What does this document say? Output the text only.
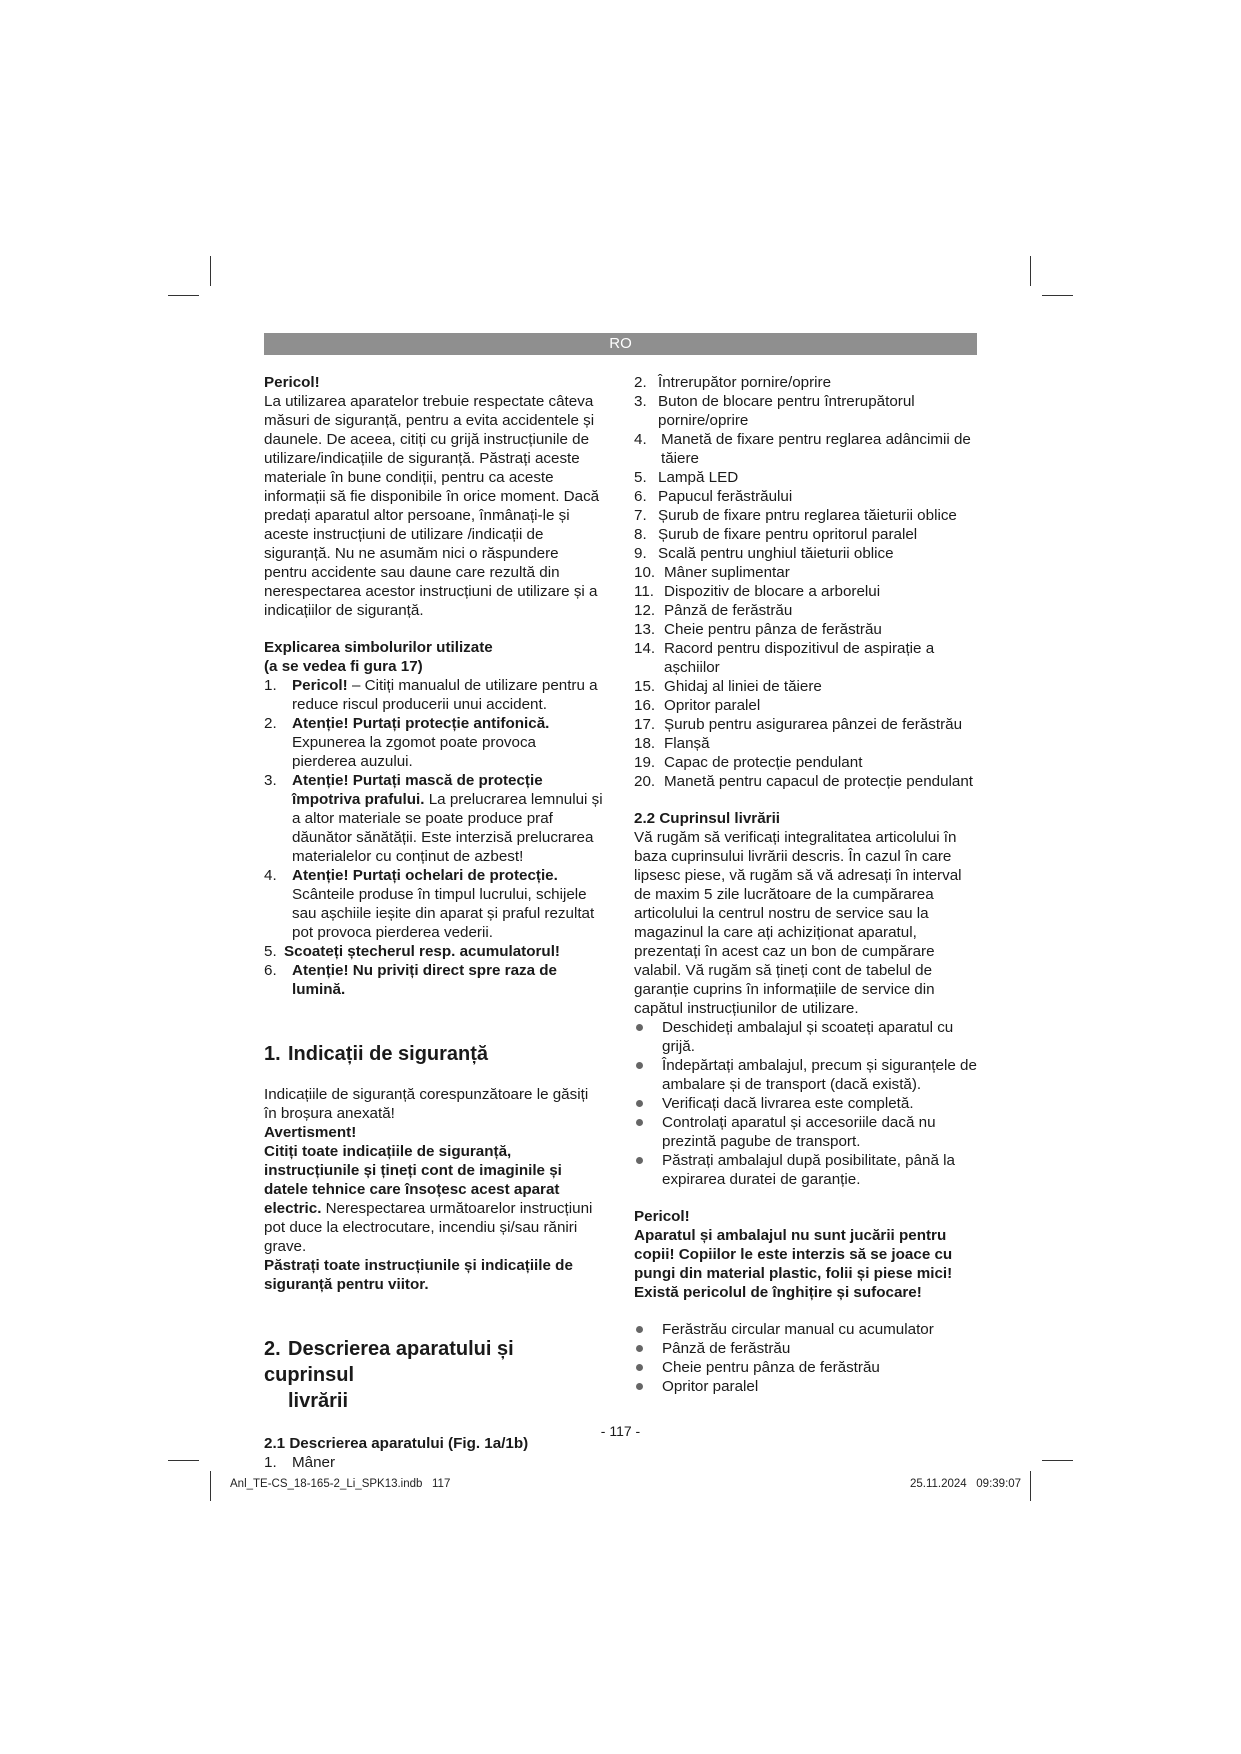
RO

Pericol!

La utilizarea aparatelor trebuie respectate câteva măsuri de siguranță, pentru a evita accidentele și daunele. De aceea, citiți cu grijă instrucțiunile de utilizare/indicațiile de siguranță. Păstrați aceste materiale în bune condiții, pentru ca aceste informații să fie disponibile în orice moment. Dacă predați aparatul altor persoane, înmânați-le și aceste instrucțiuni de utilizare /indicații de siguranță. Nu ne asumăm nici o răspundere pentru accidente sau daune care rezultă din nerespectarea acestor instrucțiuni de utilizare și a indicațiilor de siguranță.

Explicarea simbolurilor utilizate

(a se vedea fi gura 17)

1. Pericol! – Citiți manualul de utilizare pentru a reduce riscul producerii unui accident.
2. Atenție! Purtați protecție antifonică. Expunerea la zgomot poate provoca pierderea auzului.
3. Atenție! Purtați mască de protecție împotriva prafului. La prelucrarea lemnului și a altor materiale se poate produce praf dăunător sănătății. Este interzisă prelucrarea materialelor cu conținut de azbest!
4. Atenție! Purtați ochelari de protecție. Scânteile produse în timpul lucrului, schijele sau așchiile ieșite din aparat și praful rezultat pot provoca pierderea vederii.
5. Scoateți ștecherul resp. acumulatorul!
6. Atenție! Nu priviți direct spre raza de lumină.

1. Indicații de siguranță

Indicațiile de siguranță corespunzătoare le găsiți în broșura anexată!

Avertisment!

Citiți toate indicațiile de siguranță, instrucțiunile și țineți cont de imaginile și datele tehnice care însoțesc acest aparat electric. Nerespectarea următoarelor instrucțiuni pot duce la electrocutare, incendiu și/sau răniri grave.

Păstrați toate instrucțiunile și indicațiile de siguranță pentru viitor.

2. Descrierea aparatului și cuprinsul
livrării

2.1 Descrierea aparatului (Fig. 1a/1b)

1. Mâner
2. Întrerupător pornire/oprire
3. Buton de blocare pentru întrerupătorul pornire/oprire
4. Manetă de fixare pentru reglarea adâncimii de tăiere
5. Lampă LED
6. Papucul ferăstrăului
7. Șurub de fixare pntru reglarea tăieturii oblice
8. Șurub de fixare pentru opritorul paralel
9. Scală pentru unghiul tăieturii oblice
10. Mâner suplimentar
11. Dispozitiv de blocare a arborelui
12. Pânză de ferăstrău
13. Cheie pentru pânza de ferăstrău
14. Racord pentru dispozitivul de aspirație a așchiilor
15. Ghidaj al liniei de tăiere
16. Opritor paralel
17. Șurub pentru asigurarea pânzei de ferăstrău
18. Flanșă
19. Capac de protecție pendulant
20. Manetă pentru capacul de protecție pendulant

2.2 Cuprinsul livrării

Vă rugăm să verificați integralitatea articolului în baza cuprinsului livrării descris. În cazul în care lipsesc piese, vă rugăm să vă adresați în interval de maxim 5 zile lucrătoare de la cumpărarea articolului la centrul nostru de service sau la magazinul la care ați achiziționat aparatul, prezentați în acest caz un bon de cumpărare valabil. Vă rugăm să țineți cont de tabelul de garanție cuprins în informațiile de service din capătul instrucțiunilor de utilizare.

Deschideți ambalajul și scoateți aparatul cu grijă.
Îndepărtați ambalajul, precum și siguranțele de ambalare și de transport (dacă există).
Verificați dacă livrarea este completă.
Controlați aparatul și accesoriile dacă nu prezintă pagube de transport.
Păstrați ambalajul după posibilitate, până la expirarea duratei de garanție.

Pericol!

Aparatul și ambalajul nu sunt jucării pentru copii! Copiilor le este interzis să se joace cu pungi din material plastic, folii și piese mici! Există pericolul de înghițire și sufocare!

Ferăstrău circular manual cu acumulator
Pânză de ferăstrău
Cheie pentru pânza de ferăstrău
Opritor paralel
- 117 -
Anl_TE-CS_18-165-2_Li_SPK13.indb   117	25.11.2024   09:39:07
